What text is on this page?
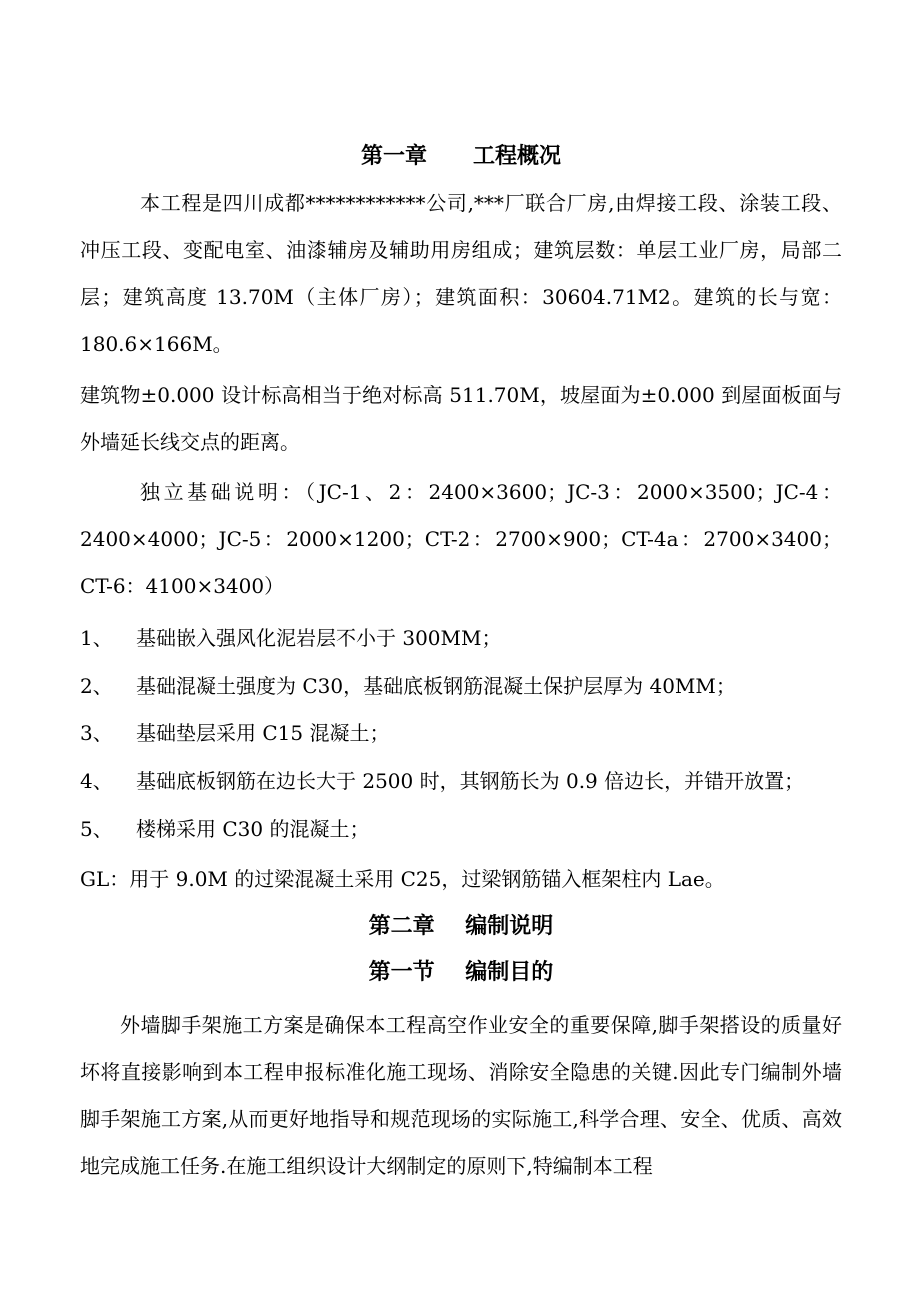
第一章      工程概况
本工程是四川成都************公司,***厂联合厂房,由焊接工段、涂装工段、冲压工段、变配电室、油漆辅房及辅助用房组成；建筑层数：单层工业厂房，局部二层；建筑高度 13.70M（主体厂房）；建筑面积：30604.71M2。建筑的长与宽：180.6×166M。
建筑物±0.000 设计标高相当于绝对标高 511.70M，坡屋面为±0.000 到屋面板面与外墙延长线交点的距离。
独立基础说明：（JC-1、2：2400×3600；JC-3：2000×3500；JC-4：2400×4000；JC-5：2000×1200；CT-2：2700×900；CT-4a：2700×3400；CT-6：4100×3400）
1、 基础嵌入强风化泥岩层不小于 300MM；
2、 基础混凝土强度为 C30，基础底板钢筋混凝土保护层厚为 40MM；
3、 基础垫层采用 C15 混凝土；
4、 基础底板钢筋在边长大于 2500 时，其钢筋长为 0.9 倍边长，并错开放置；
5、 楼梯采用 C30 的混凝土；
GL：用于 9.0M 的过梁混凝土采用 C25，过梁钢筋锚入框架柱内 Lae。
第二章    编制说明
第一节    编制目的
外墙脚手架施工方案是确保本工程高空作业安全的重要保障,脚手架搭设的质量好坏将直接影响到本工程申报标准化施工现场、消除安全隐患的关键.因此专门编制外墙脚手架施工方案,从而更好地指导和规范现场的实际施工,科学合理、安全、优质、高效地完成施工任务.在施工组织设计大纲制定的原则下,特编制本工程
